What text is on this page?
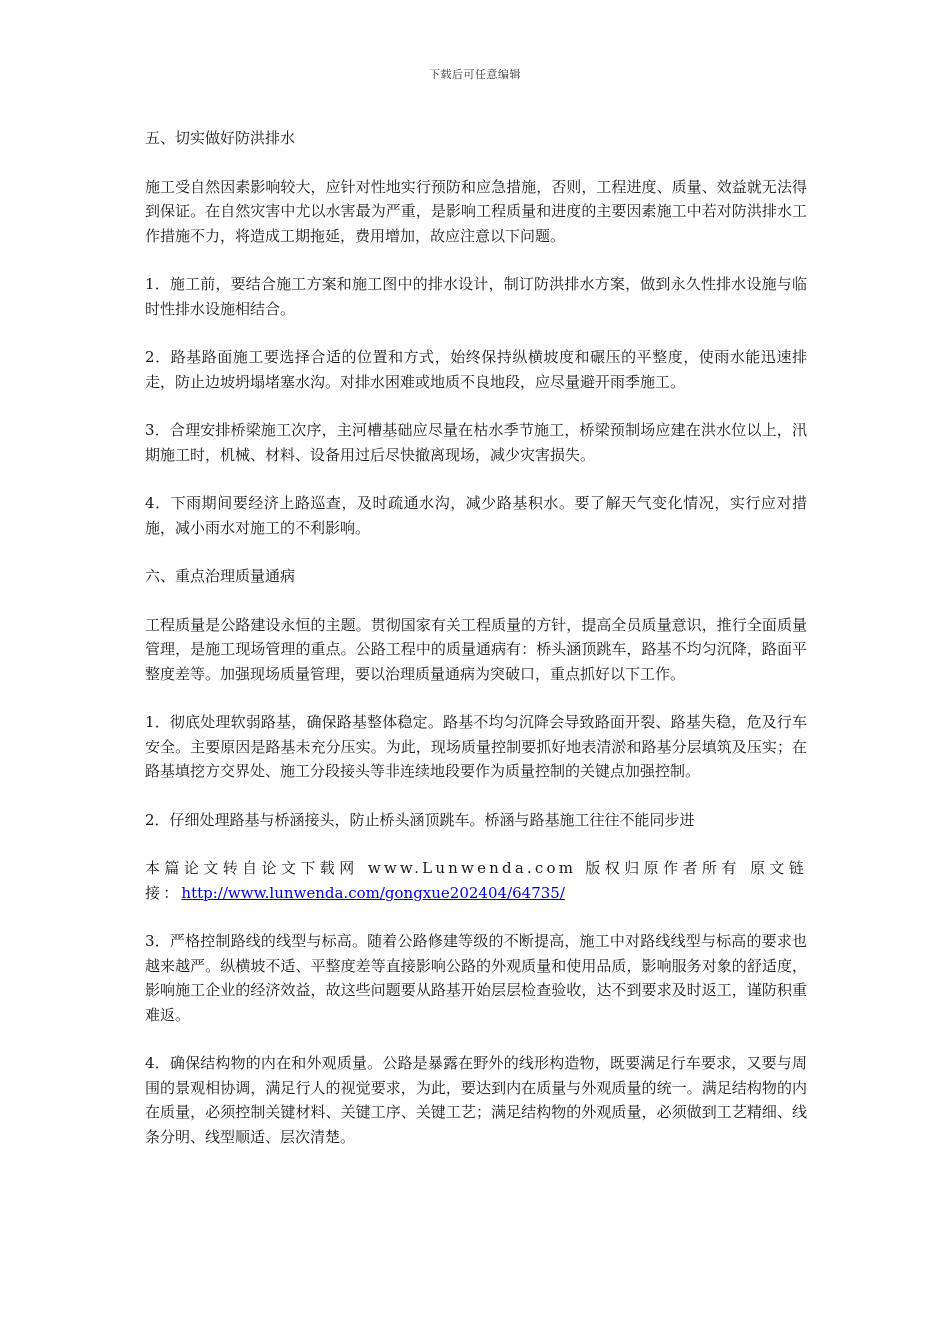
下载后可任意编辑

五、切实做好防洪排水

施工受自然因素影响较大，应针对性地实行预防和应急措施，否则，工程进度、质量、效益就无法得到保证。在自然灾害中尤以水害最为严重，是影响工程质量和进度的主要因素施工中若对防洪排水工作措施不力，将造成工期拖延，费用增加，故应注意以下问题。

1．施工前，要结合施工方案和施工图中的排水设计，制订防洪排水方案，做到永久性排水设施与临时性排水设施相结合。

2．路基路面施工要选择合适的位置和方式，始终保持纵横坡度和碾压的平整度，使雨水能迅速排走，防止边坡坍塌堵塞水沟。对排水困难或地质不良地段，应尽量避开雨季施工。

3．合理安排桥梁施工次序，主河槽基础应尽量在枯水季节施工，桥梁预制场应建在洪水位以上，汛期施工时，机械、材料、设备用过后尽快撤离现场，减少灾害损失。

4．下雨期间要经济上路巡查，及时疏通水沟，减少路基积水。要了解天气变化情况，实行应对措施，减小雨水对施工的不利影响。

六、重点治理质量通病

工程质量是公路建设永恒的主题。贯彻国家有关工程质量的方针，提高全员质量意识，推行全面质量管理，是施工现场管理的重点。公路工程中的质量通病有：桥头涵顶跳车，路基不均匀沉降，路面平整度差等。加强现场质量管理，要以治理质量通病为突破口，重点抓好以下工作。

1．彻底处理软弱路基，确保路基整体稳定。路基不均匀沉降会导致路面开裂、路基失稳，危及行车安全。主要原因是路基未充分压实。为此，现场质量控制要抓好地表清淤和路基分层填筑及压实；在路基填挖方交界处、施工分段接头等非连续地段要作为质量控制的关键点加强控制。

2．仔细处理路基与桥涵接头，防止桥头涵顶跳车。桥涵与路基施工往往不能同步进

本篇论文转自论文下载网 www.Lunwenda.com 版权归原作者所有 原文链接：http://www.lunwenda.com/gongxue202404/64735/

3．严格控制路线的线型与标高。随着公路修建等级的不断提高，施工中对路线线型与标高的要求也越来越严。纵横坡不适、平整度差等直接影响公路的外观质量和使用品质，影响服务对象的舒适度，影响施工企业的经济效益，故这些问题要从路基开始层层检查验收，达不到要求及时返工，谨防积重难返。

4．确保结构物的内在和外观质量。公路是暴露在野外的线形构造物，既要满足行车要求，又要与周围的景观相协调，满足行人的视觉要求，为此，要达到内在质量与外观质量的统一。满足结构物的内在质量，必须控制关键材料、关键工序、关键工艺；满足结构物的外观质量，必须做到工艺精细、线条分明、线型顺适、层次清楚。
